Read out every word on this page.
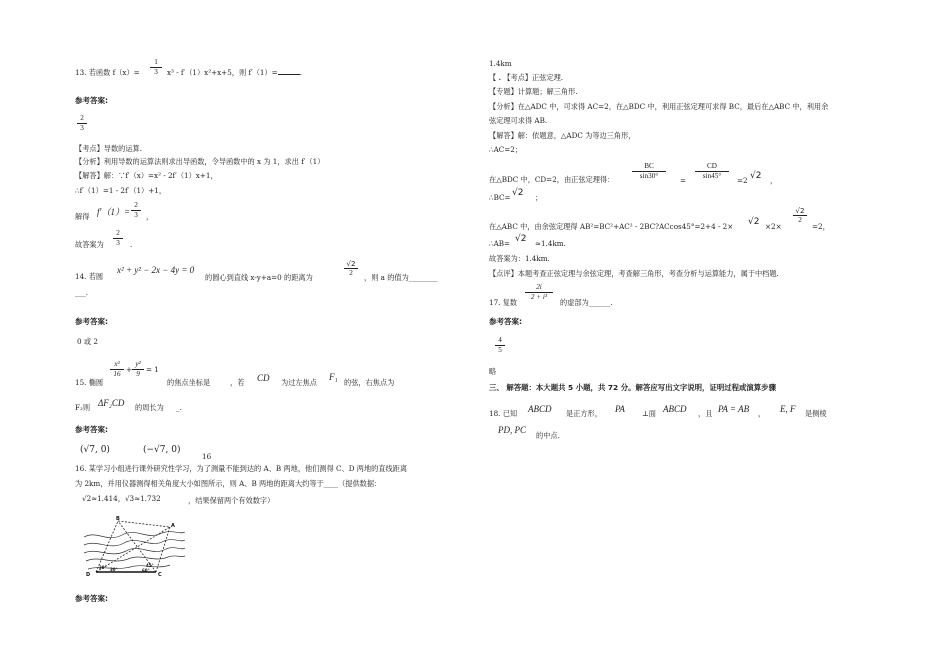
13. 若函数 f（x）=
1
3	x³ - f′（1）x²+x+5，则 f′（1）=	.
参考答案:
2
3
【考点】导数的运算.
【分析】利用导数的运算法则求出导函数，令导函数中的 x 为 1，求出 f′（1）
【解答】解：∵f′（x）=x² - 2f′（1）x+1，
∴f′（1）=1 - 2f′（1）+1，
解得 f′（1）=
2
3	，
故答案为
2
3	.
14. 若圆
x² + y² − 2x − 4y = 0
的圆心到直线 x-y+a=0 的距离为
√2
2	，则 a 的值为________
___.
参考答案:
0 或 2
15. 椭圆
x²
16 +
y²
9 = 1
的焦点坐标是	，若 CD 为过左焦点
F₁
的弦，右焦点为
F₂则 ΔF₂CD 的周长为 _.
参考答案:
(√7, 0)	(−√7, 0)
16
16. 某学习小组进行课外研究性学习，为了测量不能到达的 A、B 两地，他们测得 C、D 两地的直线距离
为 2km，并用仪器测得相关角度大小如图所示，则 A、B 两地的距离大约等于____（提供数据：
√2≈1.414，√3≈1.732	，结果保留两个有效数字）
B
A
D	C
30° 30°
45°
60°
参考答案:
1.4km
【 . 【考点】正弦定理.
【专题】计算题；解三角形.
【分析】在△ADC 中，可求得 AC=2，在△BDC 中，利用正弦定理可求得 BC，最后在△ABC 中，利用余
弦定理可求得 AB.
【解答】解：依题意，△ADC 为等边三角形，
∴AC=2；
在△BDC 中，CD=2，由正弦定理得：
BC
sin30°	=
CD
sin45°	=2 √2 ，
∴BC= √2 ；
在△ABC 中，由余弦定理得 AB²=BC²+AC² - 2BC?ACcos45°=2+4 - 2× √2 ×2×
√2
2
=2，
∴AB= √2 ≈1.4km.
故答案为：1.4km.
【点评】本题考查正弦定理与余弦定理，考查解三角形，考查分析与运算能力，属于中档题.
17. 复数
2i
2 + i³
的虚部为______.
参考答案:
4
5
略
三、 解答题：本大题共 5 小题，共 72 分。解答应写出文字说明，证明过程或演算步骤
18. 已知 ABCD 是正方形， PA ⊥面 ABCD ，且 PA = AB ， E, F 是侧棱
PD, PC
的中点.
